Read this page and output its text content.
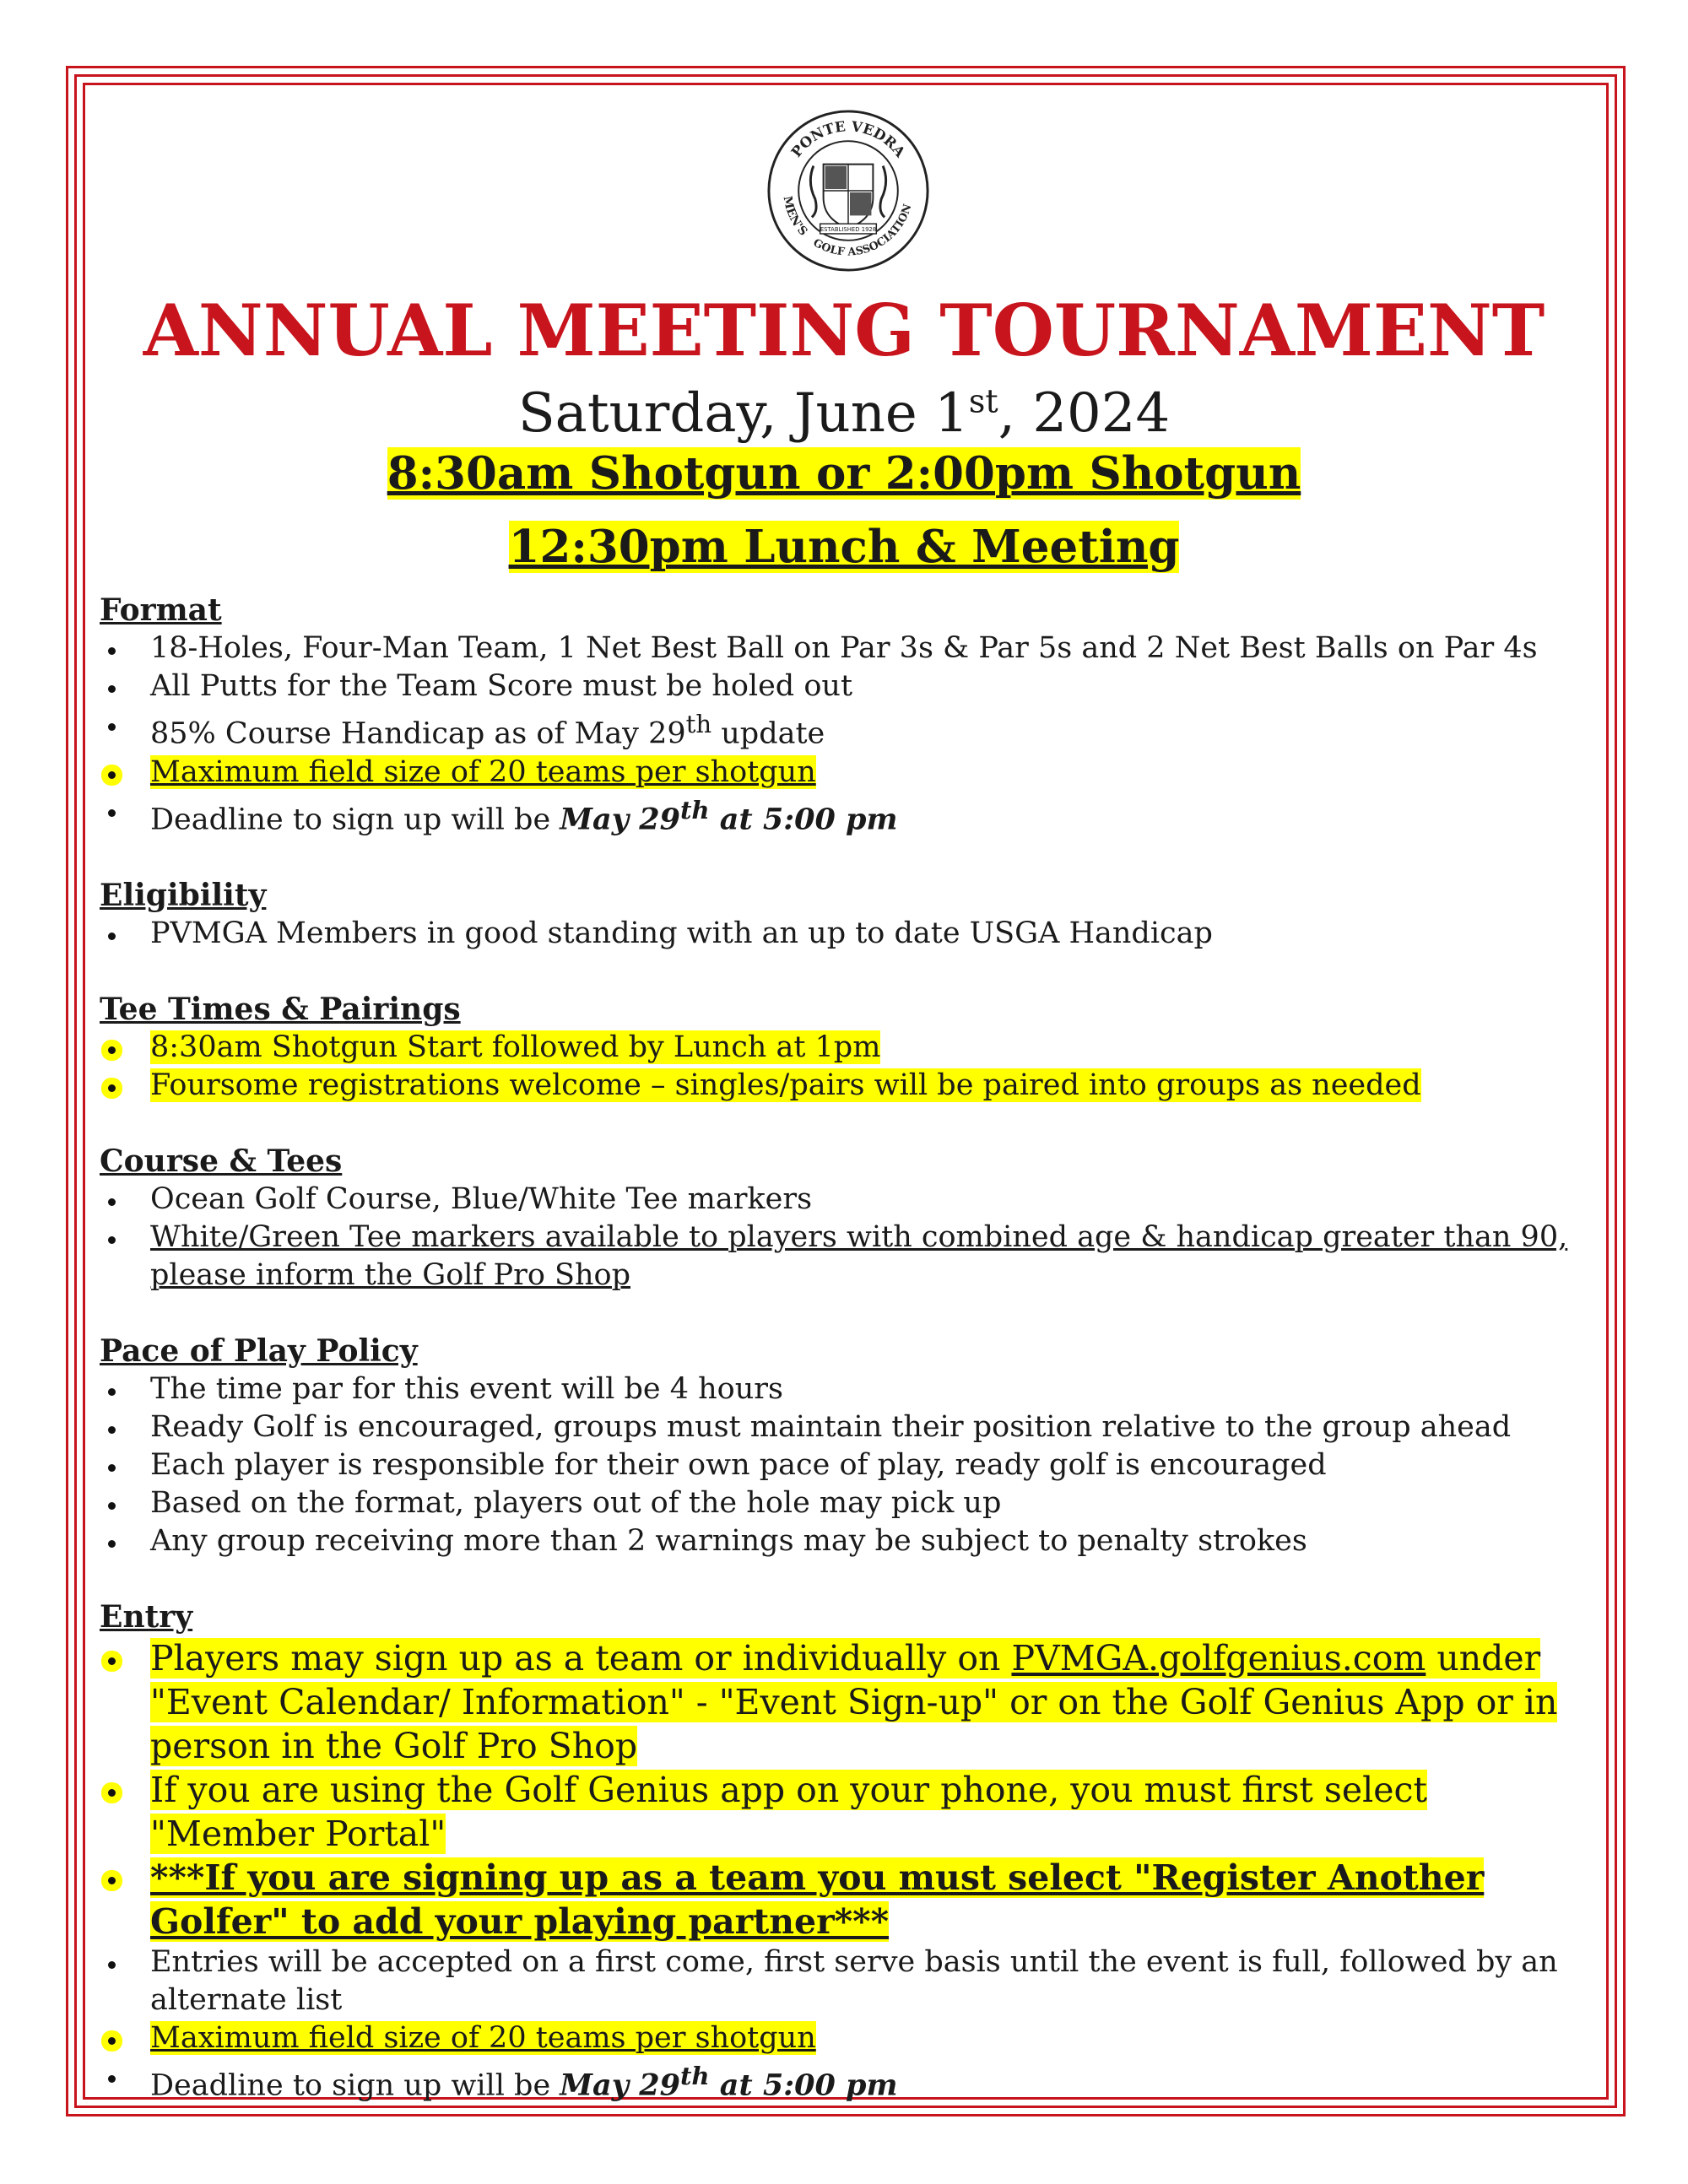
PONTE VEDRA
MEN'S
GOLF ASSOCIATION
ESTABLISHED 1928
ANNUAL MEETING TOURNAMENT
Saturday, June 1st, 2024
8:30am Shotgun or 2:00pm Shotgun
12:30pm Lunch & Meeting

Format

18-Holes, Four-Man Team, 1 Net Best Ball on Par 3s & Par 5s and 2 Net Best Balls on Par 4s
All Putts for the Team Score must be holed out
85% Course Handicap as of May 29th update
Maximum field size of 20 teams per shotgun
Deadline to sign up will be May 29th at 5:00 pm

Eligibility

PVMGA Members in good standing with an up to date USGA Handicap

Tee Times & Pairings

8:30am Shotgun Start followed by Lunch at 1pm
Foursome registrations welcome – singles/pairs will be paired into groups as needed

Course & Tees

Ocean Golf Course, Blue/White Tee markers
White/Green Tee markers available to players with combined age & handicap greater than 90, please inform the Golf Pro Shop

Pace of Play Policy

The time par for this event will be 4 hours
Ready Golf is encouraged, groups must maintain their position relative to the group ahead
Each player is responsible for their own pace of play, ready golf is encouraged
Based on the format, players out of the hole may pick up
Any group receiving more than 2 warnings may be subject to penalty strokes

Entry

Players may sign up as a team or individually on PVMGA.golfgenius.com under "Event Calendar/ Information" - "Event Sign-up" or on the Golf Genius App or in person in the Golf Pro Shop
If you are using the Golf Genius app on your phone, you must first select "Member Portal"
***If you are signing up as a team you must select "Register Another Golfer" to add your playing partner***
Entries will be accepted on a first come, first serve basis until the event is full, followed by an alternate list
Maximum field size of 20 teams per shotgun
Deadline to sign up will be May 29th at 5:00 pm
